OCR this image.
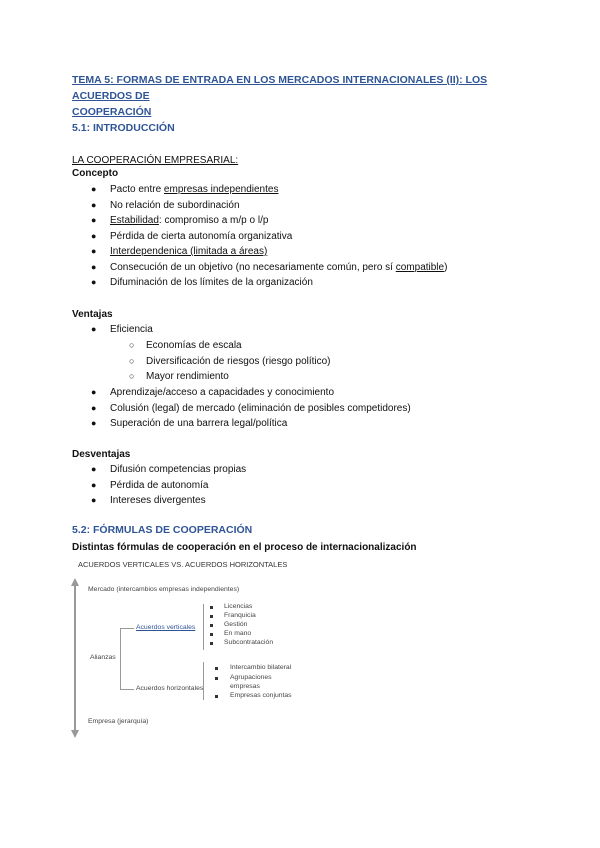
TEMA 5: FORMAS DE ENTRADA EN LOS MERCADOS INTERNACIONALES (II): LOS ACUERDOS DE
COOPERACIÓN
5.1: INTRODUCCIÓN
LA COOPERACIÓN EMPRESARIAL:
Concepto
● Pacto entre empresas independientes
● No relación de subordinación
● Estabilidad: compromiso a m/p o l/p
● Pérdida de cierta autonomía organizativa
● Interdependenica (limitada a áreas)
● Consecución de un objetivo (no necesariamente común, pero sí compatible)
● Difuminación de los límites de la organización
Ventajas
● Eficiencia
○ Economías de escala
○ Diversificación de riesgos (riesgo político)
○ Mayor rendimiento
● Aprendizaje/acceso a capacidades y conocimiento
● Colusión (legal) de mercado (eliminación de posibles competidores)
● Superación de una barrera legal/política
Desventajas
● Difusión competencias propias
● Pérdida de autonomía
● Intereses divergentes
5.2: FÓRMULAS DE COOPERACIÓN
Distintas fórmulas de cooperación en el proceso de internacionalización
ACUERDOS VERTICALES VS. ACUERDOS HORIZONTALES
Mercado (intercambios empresas independientes)
Alianzas
Empresa (jerarquía)
Acuerdos verticales
Acuerdos horizontales
Licencias
Franquicia
Gestión
En mano
Subcontratación
Intercambio bilateral
Agrupaciones
empresas
Empresas conjuntas
